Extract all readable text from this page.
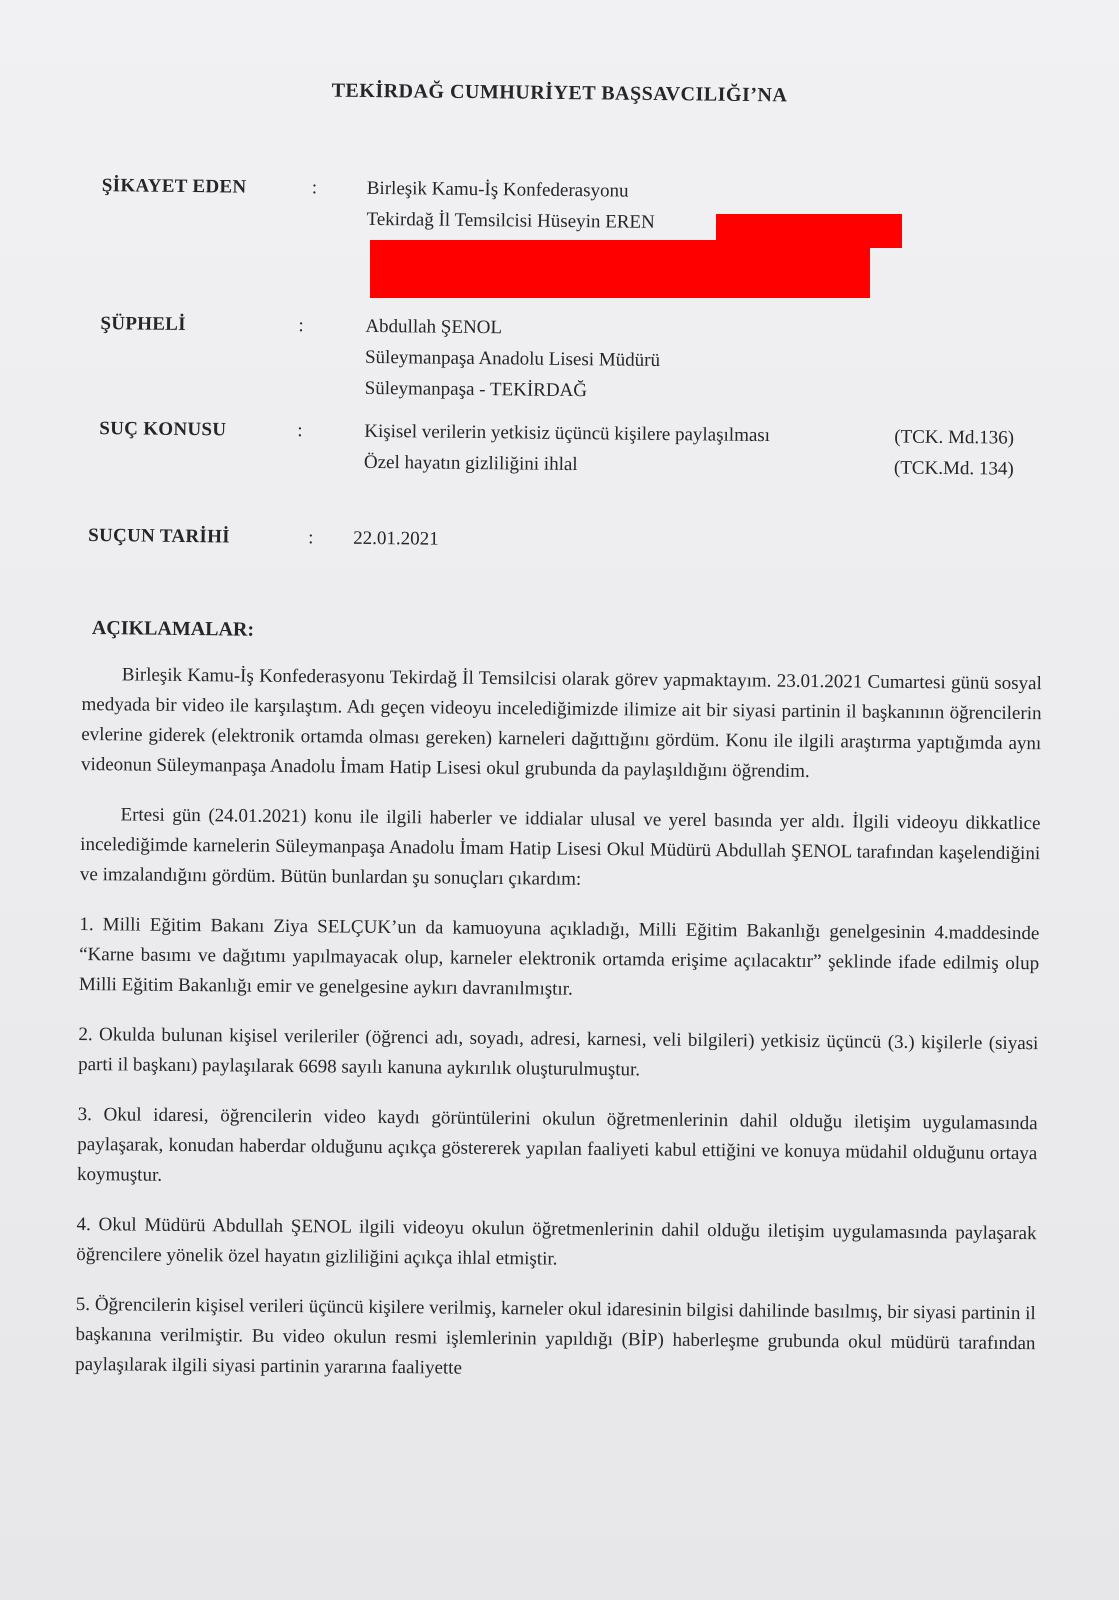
TEKİRDAĞ CUMHURİYET BAŞSAVCILIĞI’NA
ŞİKAYET EDEN	:	Birleşik Kamu-İş Konfederasyonu
Tekirdağ İl Temsilcisi Hüseyin EREN
ŞÜPHELİ	:	Abdullah ŞENOL
Süleymanpaşa Anadolu Lisesi Müdürü
Süleymanpaşa - TEKİRDAĞ
SUÇ KONUSU	:	Kişisel verilerin yetkisiz üçüncü kişilere paylaşılması	(TCK. Md.136)
Özel hayatın gizliliğini ihlal	(TCK.Md. 134)
SUÇUN TARİHİ	: 22.01.2021
AÇIKLAMALAR:

Birleşik Kamu-İş Konfederasyonu Tekirdağ İl Temsilcisi olarak görev yapmaktayım. 23.01.2021 Cumartesi günü sosyal medyada bir video ile karşılaştım. Adı geçen videoyu incelediğimizde ilimize ait bir siyasi partinin il başkanının öğrencilerin evlerine giderek (elektronik ortamda olması gereken) karneleri dağıttığını gördüm. Konu ile ilgili araştırma yaptığımda aynı videonun Süleymanpaşa Anadolu İmam Hatip Lisesi okul grubunda da paylaşıldığını öğrendim.

Ertesi gün (24.01.2021) konu ile ilgili haberler ve iddialar ulusal ve yerel basında yer aldı. İlgili videoyu dikkatlice incelediğimde karnelerin Süleymanpaşa Anadolu İmam Hatip Lisesi Okul Müdürü Abdullah ŞENOL tarafından kaşelendiğini ve imzalandığını gördüm. Bütün bunlardan şu sonuçları çıkardım:

1. Milli Eğitim Bakanı Ziya SELÇUK’un da kamuoyuna açıkladığı, Milli Eğitim Bakanlığı genelgesinin 4.maddesinde “Karne basımı ve dağıtımı yapılmayacak olup, karneler elektronik ortamda erişime açılacaktır” şeklinde ifade edilmiş olup Milli Eğitim Bakanlığı emir ve genelgesine aykırı davranılmıştır.

2. Okulda bulunan kişisel verileriler (öğrenci adı, soyadı, adresi, karnesi, veli bilgileri) yetkisiz üçüncü (3.) kişilerle (siyasi parti il başkanı) paylaşılarak 6698 sayılı kanuna aykırılık oluşturulmuştur.

3. Okul idaresi, öğrencilerin video kaydı görüntülerini okulun öğretmenlerinin dahil olduğu iletişim uygulamasında paylaşarak, konudan haberdar olduğunu açıkça göstererek yapılan faaliyeti kabul ettiğini ve konuya müdahil olduğunu ortaya koymuştur.

4. Okul Müdürü Abdullah ŞENOL ilgili videoyu okulun öğretmenlerinin dahil olduğu iletişim uygulamasında paylaşarak öğrencilere yönelik özel hayatın gizliliğini açıkça ihlal etmiştir.

5. Öğrencilerin kişisel verileri üçüncü kişilere verilmiş, karneler okul idaresinin bilgisi dahilinde basılmış, bir siyasi partinin il başkanına verilmiştir. Bu video okulun resmi işlemlerinin yapıldığı (BİP) haberleşme grubunda okul müdürü tarafından paylaşılarak ilgili siyasi partinin yararına faaliyette
